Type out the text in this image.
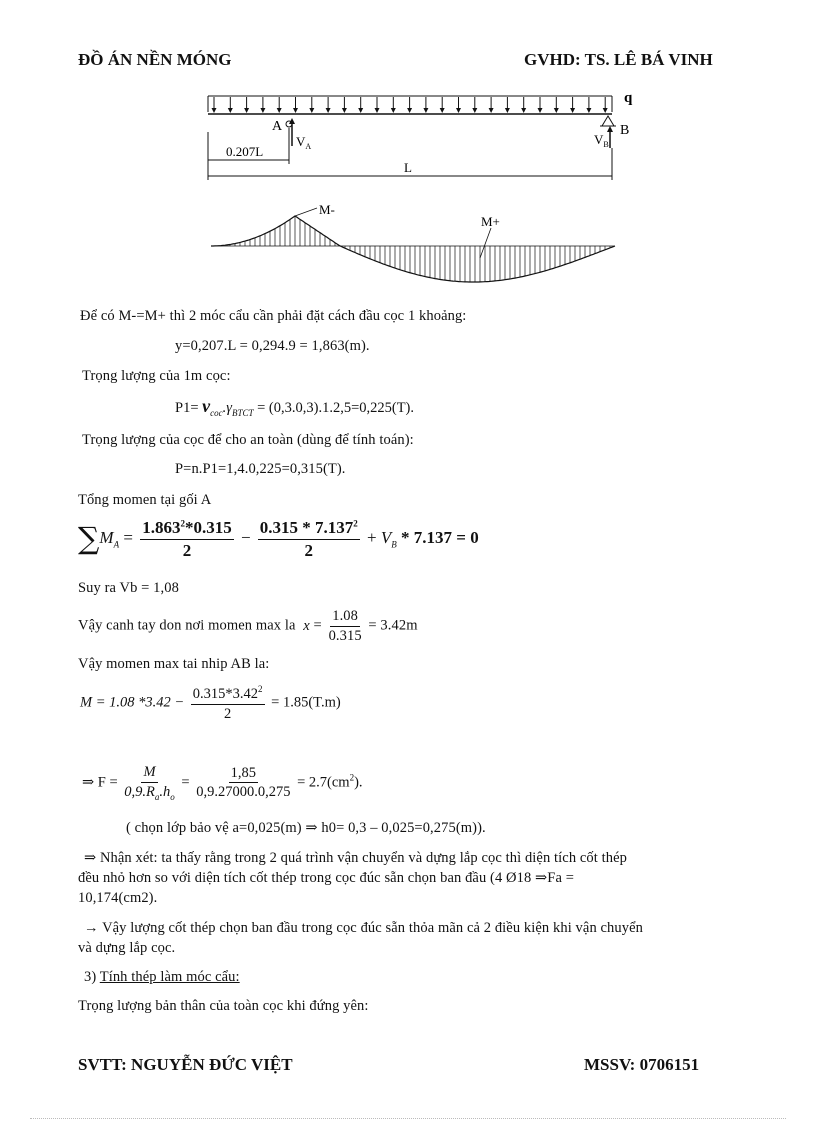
ĐỒ ÁN NỀN MÓNG	GVHD: TS. LÊ BÁ VINH
q
A	B
$V_A$	$V_B$
0.207L
L
M-
M+
Để có M-=M+ thì 2 móc cẩu cần phải đặt cách đầu cọc 1 khoảng:
y=0,207.L = 0,294.9 = 1,863(m).
Trọng lượng của 1m cọc:
$P1= v_{coc}.\gamma_{BTCT} = (0,3.0,3).1.2,5=0,225(T)$.
Trọng lượng của cọc để cho an toàn (dùng để tính toán):
P=n.P1=1,4.0,225=0,315(T).
Tổng momen tại gối A
$\sum M_A = \frac{1.863^2*0.315}{2} - \frac{0.315 * 7.137^2}{2} + V_B * 7.137 = 0$
Suy ra Vb = 1,08
Vậy canh tay don nơi momen max la $x = \frac{1.08}{0.315} = 3.42m$
Vậy momen max tai nhip AB la:
M = 1.08 $*3.42 - \frac{0.315*3.42^2}{2} = 1.85(T.m)$
⇒ $F = \frac{M}{0,9.R_a.h_o} = \frac{1,85}{0,9.27000.0,275} = 2.7(cm^2)$.
( chọn lớp bảo vệ a=0,025(m) ⇒ h0= 0,3 – 0,025=0,275(m)).
⇒ Nhận xét: ta thấy rằng trong 2 quá trình vận chuyển và dựng lắp cọc thì diện tích cốt thép
đều nhỏ hơn so với diện tích cốt thép trong cọc đúc sẵn chọn ban đầu (4 Ø18 ⇒Fa =
10,174(cm2).
→ Vậy lượng cốt thép chọn ban đầu trong cọc đúc sẵn thỏa mãn cả 2 điều kiện khi vận chuyển
và dựng lắp cọc.
3) Tính thép làm móc cẩu:
Trọng lượng bản thân của toàn cọc khi đứng yên:
SVTT: NGUYỄN ĐỨC VIỆT	MSSV: 0706151
